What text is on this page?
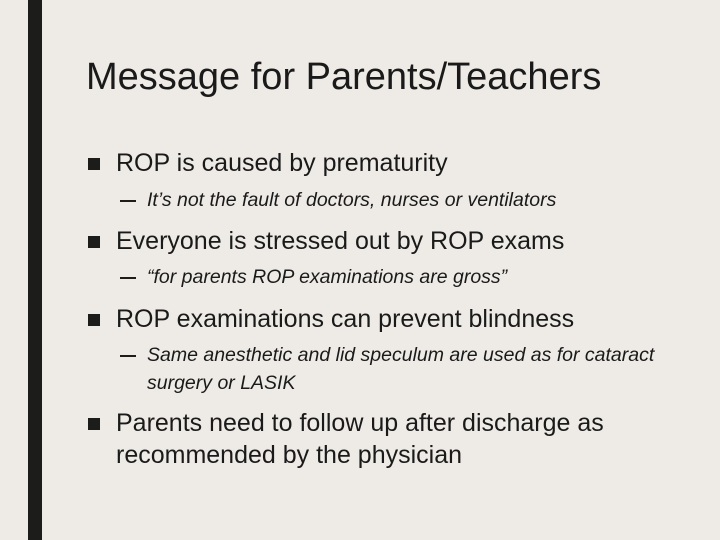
Message for Parents/Teachers
ROP is caused by prematurity
It’s not the fault of doctors, nurses or ventilators
Everyone is stressed out by ROP exams
“for parents ROP examinations are gross”
ROP examinations can prevent blindness
Same anesthetic and lid speculum are used as for cataract surgery or LASIK
Parents need to follow up after discharge as recommended by the physician
